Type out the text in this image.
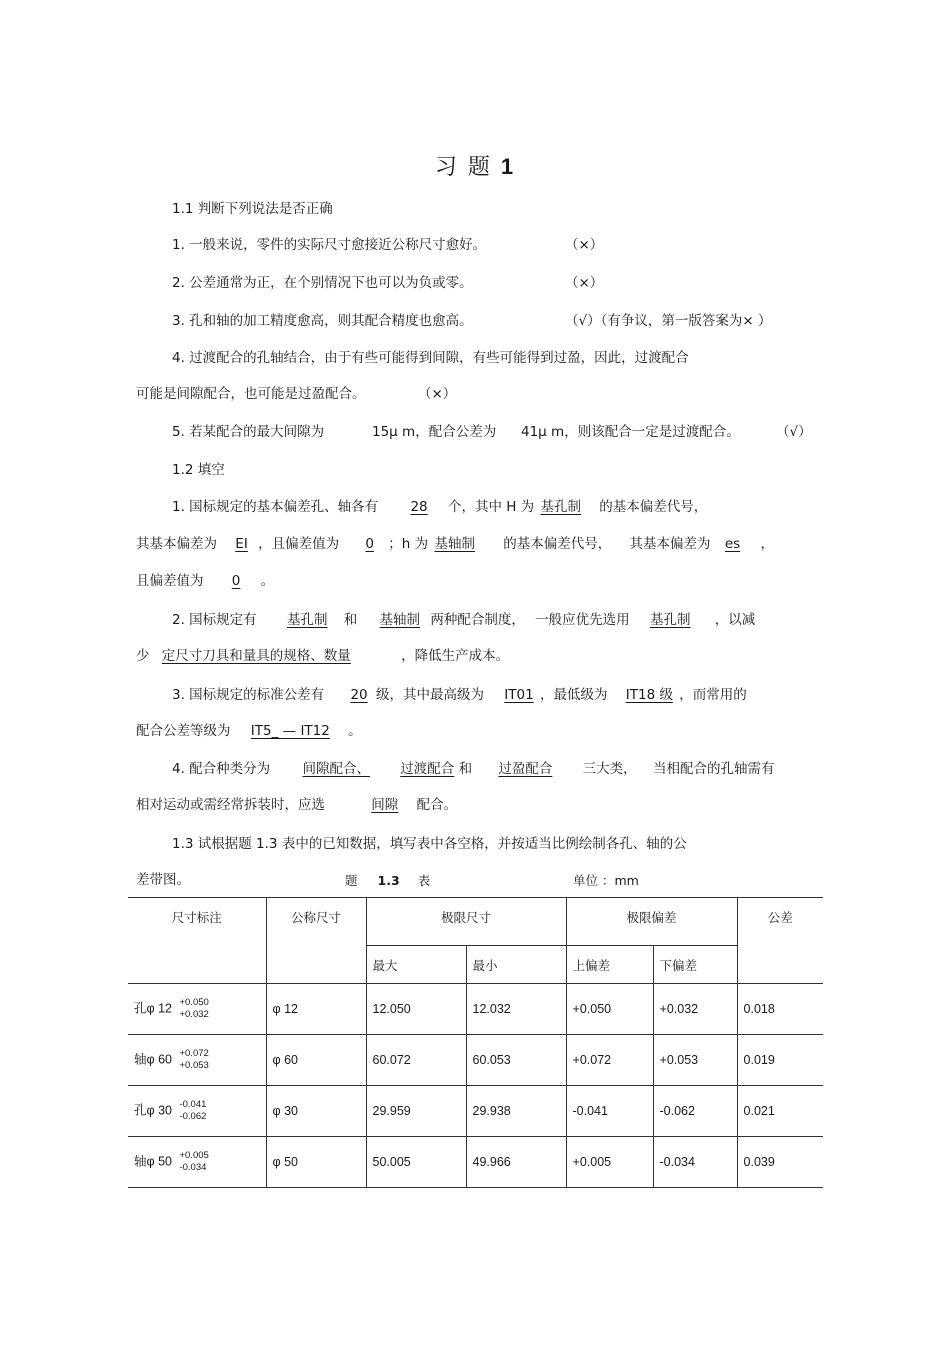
习 题 1
1.1 判断下列说法是否正确
1. 一般来说，零件的实际尺寸愈接近公称尺寸愈好。	（×）
2. 公差通常为正，在个别情况下也可以为负或零。	（×）
3. 孔和轴的加工精度愈高，则其配合精度也愈高。	（√）（有争议，第一版答案为× ）
4. 过渡配合的孔轴结合，由于有些可能得到间隙，有些可能得到过盈，因此，过渡配合
可能是间隙配合，也可能是过盈配合。	（×）
5. 若某配合的最大间隙为	15μ m，配合公差为 41μ m，则该配合一定是过渡配合。	（√）
1.2 填空
1. 国标规定的基本偏差孔、轴各有 28 个，其中 H 为 基孔制 的基本偏差代号，
其基本偏差为 EI ，且偏差值为 0 ；h 为 基轴制 的基本偏差代号， 其基本偏差为 es ，
且偏差值为 0 。
2. 国标规定有 基孔制 和 基轴制 两种配合制度， 一般应优先选用 基孔制 ，以减
少 定尺寸刀具和量具的规格、数量	，降低生产成本。
3. 国标规定的标准公差有 20 级，其中最高级为 IT01 ，最低级为 IT18 级 ，而常用的
配合公差等级为 IT5_ — IT12 。
4. 配合种类分为 间隙配合、 过渡配合 和 过盈配合 三大类， 当相配合的孔轴需有
相对运动或需经常拆装时，应选	间隙 配合。
1.3 试根据题 1.3 表中的已知数据，填写表中各空格，并按适当比例绘制各孔、轴的公
差带图。	题 1.3 表	单位 ：mm
尺寸标注	公称尺寸	极限尺寸		极限偏差		公差
		最大	最小	上偏差	下偏差	
孔φ 12 +0.050
+0.032	φ 12	12.050	12.032	+0.050	+0.032	0.018
轴φ 60 +0.072
+0.053	φ 60	60.072	60.053	+0.072	+0.053	0.019
孔φ 30 -0.041
-0.062	φ 30	29.959	29.938	-0.041	-0.062	0.021
轴φ 50 +0.005
-0.034	φ 50	50.005	49.966	+0.005	-0.034	0.039
